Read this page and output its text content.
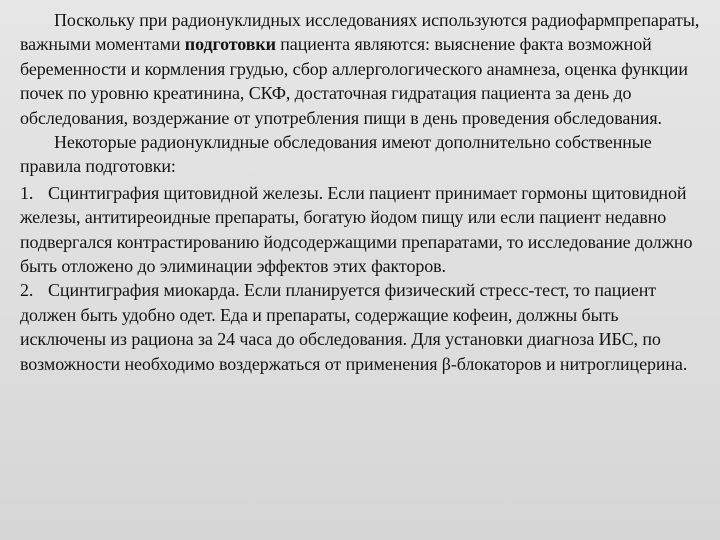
Поскольку при радионуклидных исследованиях используются радиофармпрепараты, важными моментами подготовки пациента являются: выяснение факта возможной беременности и кормления грудью, сбор аллергологического анамнеза, оценка функции почек по уровню креатинина, СКФ, достаточная гидратация пациента за день до обследования, воздержание от употребления пищи в день проведения обследования.

Некоторые радионуклидные обследования имеют дополнительно собственные правила подготовки:

1. Сцинтиграфия щитовидной железы. Если пациент принимает гормоны щитовидной железы, антитиреоидные препараты, богатую йодом пищу или если пациент недавно подвергался контрастированию йодсодержащими препаратами, то исследование должно быть отложено до элиминации эффектов этих факторов.

2. Сцинтиграфия миокарда. Если планируется физический стресс-тест, то пациент должен быть удобно одет. Еда и препараты, содержащие кофеин, должны быть исключены из рациона за 24 часа до обследования. Для установки диагноза ИБС, по возможности необходимо воздержаться от применения β-блокаторов и нитроглицерина.
